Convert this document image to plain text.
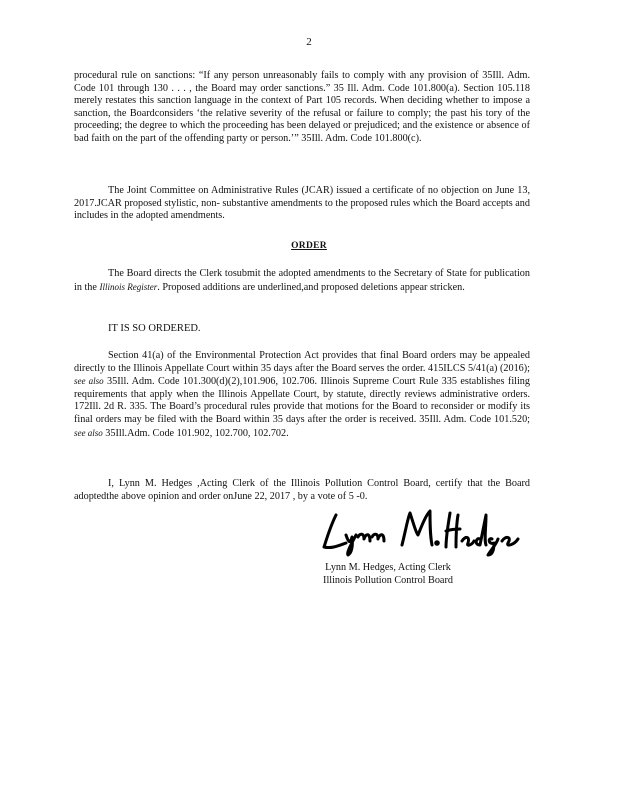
2
procedural rule on sanctions: “If any person unreasonably fails to comply with any provision of 35Ill. Adm. Code 101 through 130 . . . , the Board may order sanctions.” 35 Ill. Adm. Code 101.800(a). Section 105.118 merely restates this sanction language in the context of Part 105 records. When deciding whether to impose a sanction, the Boardconsiders ‘the relative severity of the refusal or failure to comply; the past his tory of the proceeding; the degree to which the proceeding has been delayed or prejudiced; and the existence or absence of bad faith on the part of the offending party or person.’” 35Ill. Adm. Code 101.800(c).
The Joint Committee on Administrative Rules (JCAR) issued a certificate of no objection on June 13, 2017.JCAR proposed stylistic, non- substantive amendments to the proposed rules which the Board accepts and includes in the adopted amendments.
ORDER
The Board directs the Clerk tosubmit the adopted amendments to the Secretary of State for publication in the Illinois Register. Proposed additions are underlined,and proposed deletions appear stricken.
IT IS SO ORDERED.
Section 41(a) of the Environmental Protection Act provides that final Board orders may be appealed directly to the Illinois Appellate Court within 35 days after the Board serves the order. 415ILCS 5/41(a) (2016); see also 35Ill. Adm. Code 101.300(d)(2),101.906, 102.706. Illinois Supreme Court Rule 335 establishes filing requirements that apply when the Illinois Appellate Court, by statute, directly reviews administrative orders. 172Ill. 2d R. 335. The Board’s procedural rules provide that motions for the Board to reconsider or modify its final orders may be filed with the Board within 35 days after the order is received. 35Ill. Adm. Code 101.520; see also 35Ill.Adm. Code 101.902, 102.700, 102.702.
I, Lynn M. Hedges ,Acting Clerk of the Illinois Pollution Control Board, certify that the Board adoptedthe above opinion and order onJune 22, 2017 , by a vote of 5 -0.
Lynn M. Hedges, Acting Clerk
Illinois Pollution Control Board
